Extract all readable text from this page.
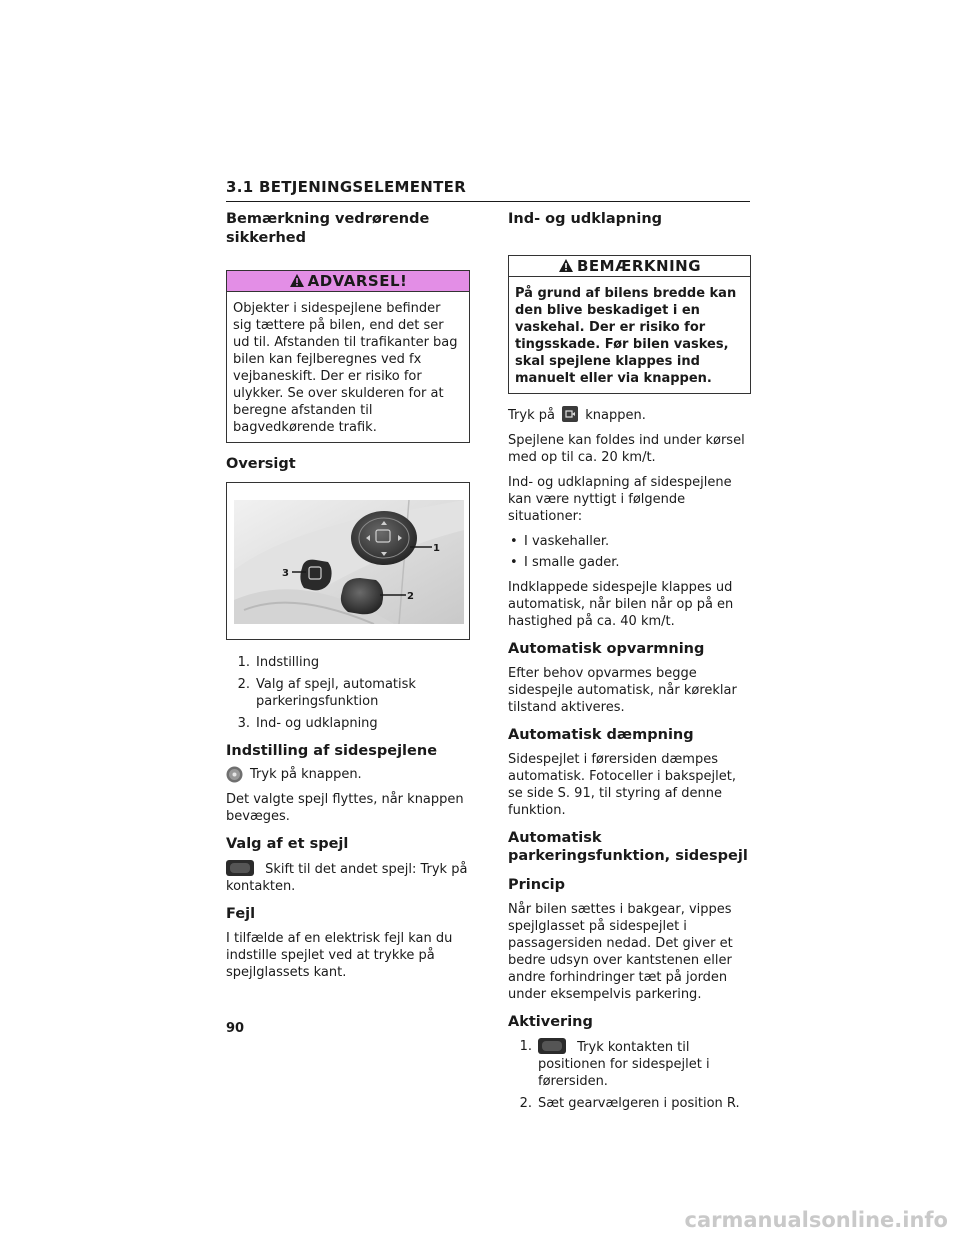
3.1 BETJENINGSELEMENTER
Bemærkning vedrørende sikkerhed
ADVARSEL!

Objekter i sidespejlene befinder sig tættere på bilen, end det ser ud til. Afstanden til trafikanter bag bilen kan fejlberegnes ved fx vejbaneskift. Der er risiko for ulykker. Se over skulderen for at beregne afstanden til bagvedkørende trafik.

Oversigt
1
2
3
1. Indstilling
2. Valg af spejl, automatisk parkeringsfunktion
3. Ind- og udklapning
Indstilling af sidespejlene
Tryk på knappen.

Det valgte spejl flyttes, når knappen bevæges.

Valg af et spejl

Skift til det andet spejl: Tryk på kontakten.

Fejl

I tilfælde af en elektrisk fejl kan du indstille spejlet ved at trykke på spejlglassets kant.

Ind- og udklapning
BEMÆRKNING

På grund af bilens bredde kan den blive beskadiget i en vaskehal. Der er risiko for tingsskade. Før bilen vaskes, skal spejlene klappes ind manuelt eller via knappen.

Tryk på knappen.

Spejlene kan foldes ind under kørsel med op til ca. 20 km/t.

Ind- og udklapning af sidespejlene kan være nyttigt i følgende situationer:

• I vaskehaller.
• I smalle gader.

Indklappede sidespejle klappes ud automatisk, når bilen når op på en hastighed på ca. 40 km/t.

Automatisk opvarmning

Efter behov opvarmes begge sidespejle automatisk, når køreklar tilstand aktiveres.

Automatisk dæmpning

Sidespejlet i førersiden dæmpes automatisk. Fotoceller i bakspejlet, se side S. 91, til styring af denne funktion.

Automatisk parkeringsfunktion, sidespejl
Princip

Når bilen sættes i bakgear, vippes spejlglasset på sidespejlet i passagersiden nedad. Det giver et bedre udsyn over kantstenen eller andre forhindringer tæt på jorden under eksempelvis parkering.

Aktivering
1.	Tryk kontakten til positionen for sidespejlet i førersiden.
2. Sæt gearvælgeren i position R.
90
carmanualsonline.info
